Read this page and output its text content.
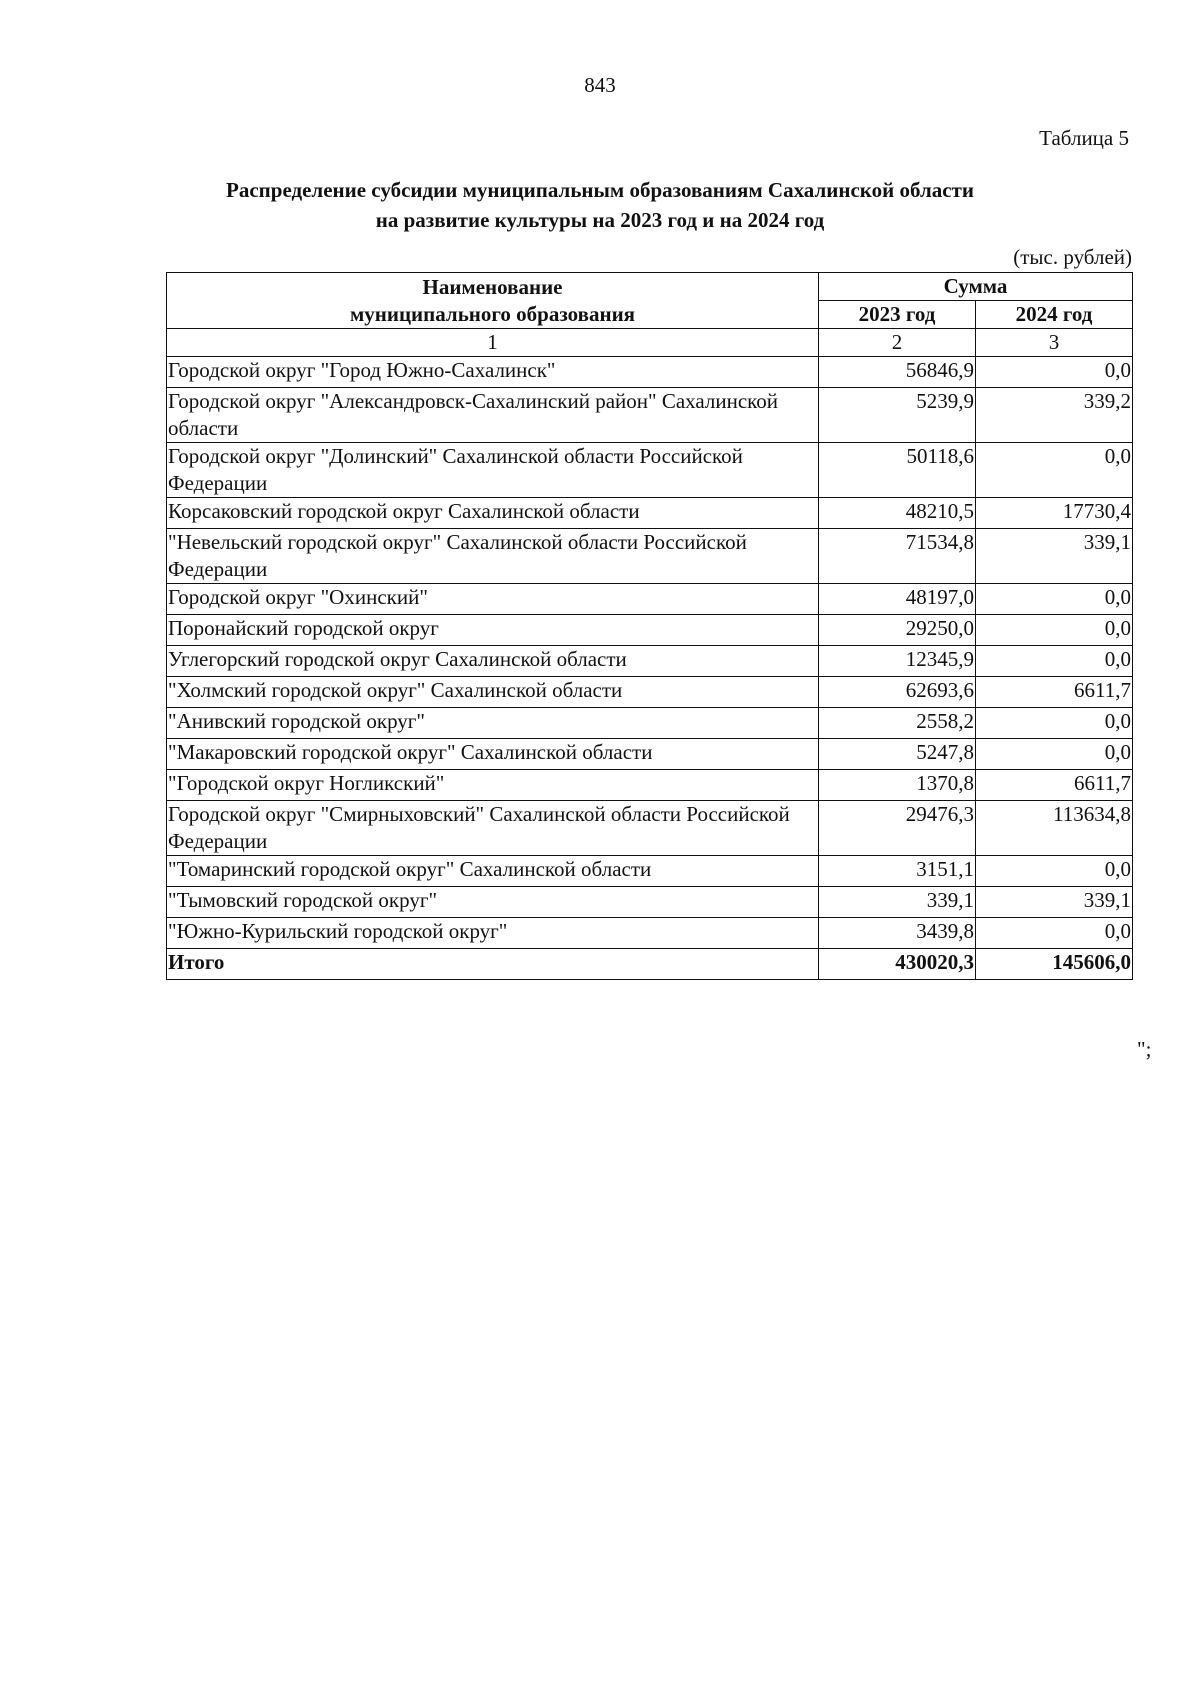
843
Таблица 5
Распределение субсидии муниципальным образованиям Сахалинской области
на развитие культуры на 2023 год и на 2024 год
(тыс. рублей)
Наименование
муниципального образования	Сумма	
	2023 год	2024 год
1	2	3
Городской округ "Город Южно-Сахалинск"	56846,9	0,0
Городской округ "Александровск-Сахалинский район" Сахалинской области	5239,9	339,2
Городской округ "Долинский" Сахалинской области Российской Федерации	50118,6	0,0
Корсаковский городской округ Сахалинской области	48210,5	17730,4
"Невельский городской округ" Сахалинской области Российской Федерации	71534,8	339,1
Городской округ "Охинский"	48197,0	0,0
Поронайский городской округ	29250,0	0,0
Углегорский городской округ Сахалинской области	12345,9	0,0
"Холмский городской округ" Сахалинской области	62693,6	6611,7
"Анивский городской округ"	2558,2	0,0
"Макаровский городской округ" Сахалинской области	5247,8	0,0
"Городской округ Ногликский"	1370,8	6611,7
Городской округ "Смирныховский" Сахалинской области Российской Федерации	29476,3	113634,8
"Томаринский городской округ" Сахалинской области	3151,1	0,0
"Тымовский городской округ"	339,1	339,1
"Южно-Курильский городской округ"	3439,8	0,0
Итого	430020,3	145606,0
";
